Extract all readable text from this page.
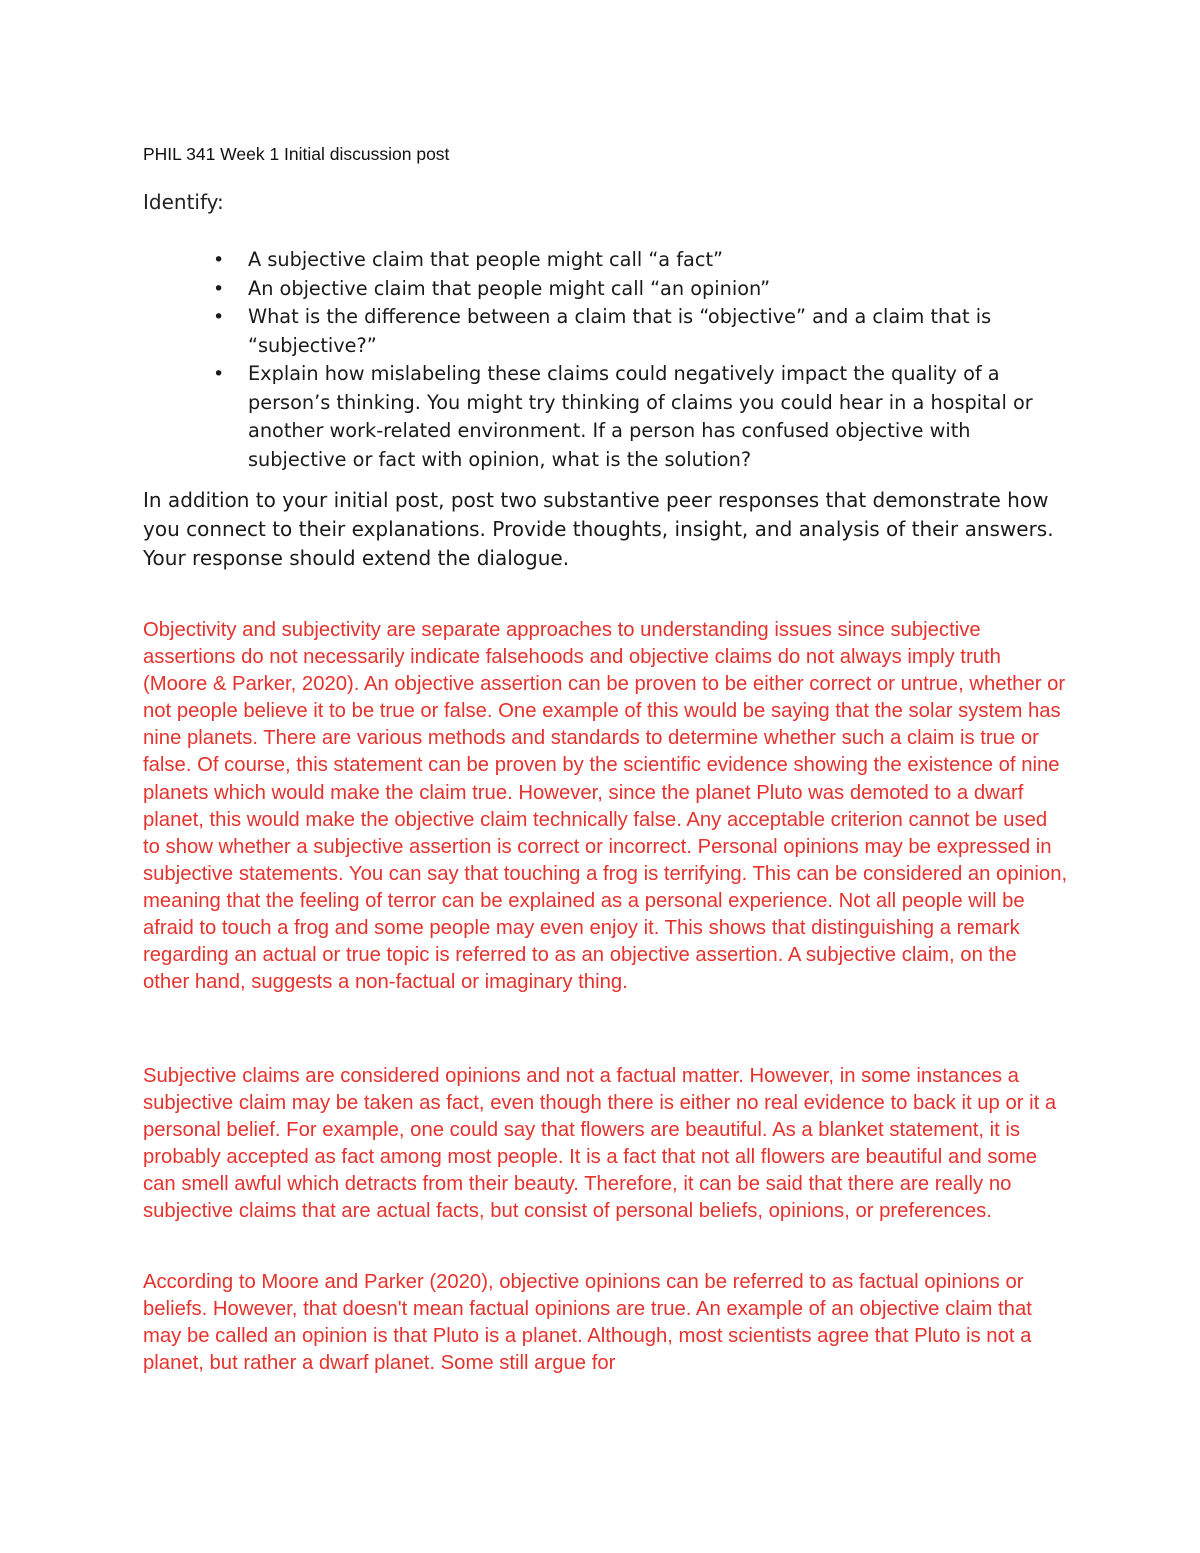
PHIL 341 Week 1 Initial discussion post
Identify:
• A subjective claim that people might call “a fact”
• An objective claim that people might call “an opinion”
• What is the difference between a claim that is “objective” and a claim that is “subjective?”
• Explain how mislabeling these claims could negatively impact the quality of a person’s thinking. You might try thinking of claims you could hear in a hospital or another work-related environment. If a person has confused objective with subjective or fact with opinion, what is the solution?

In addition to your initial post, post two substantive peer responses that demonstrate how you connect to their explanations. Provide thoughts, insight, and analysis of their answers. Your response should extend the dialogue.

Objectivity and subjectivity are separate approaches to understanding issues since subjective assertions do not necessarily indicate falsehoods and objective claims do not always imply truth (Moore & Parker, 2020). An objective assertion can be proven to be either correct or untrue, whether or not people believe it to be true or false. One example of this would be saying that the solar system has nine planets. There are various methods and standards to determine whether such a claim is true or false. Of course, this statement can be proven by the scientific evidence showing the existence of nine planets which would make the claim true. However, since the planet Pluto was demoted to a dwarf planet, this would make the objective claim technically false. Any acceptable criterion cannot be used to show whether a subjective assertion is correct or incorrect. Personal opinions may be expressed in subjective statements. You can say that touching a frog is terrifying. This can be considered an opinion, meaning that the feeling of terror can be explained as a personal experience. Not all people will be afraid to touch a frog and some people may even enjoy it. This shows that distinguishing a remark regarding an actual or true topic is referred to as an objective assertion. A subjective claim, on the other hand, suggests a non-factual or imaginary thing.

Subjective claims are considered opinions and not a factual matter. However, in some instances a subjective claim may be taken as fact, even though there is either no real evidence to back it up or it a personal belief. For example, one could say that flowers are beautiful. As a blanket statement, it is probably accepted as fact among most people. It is a fact that not all flowers are beautiful and some can smell awful which detracts from their beauty. Therefore, it can be said that there are really no subjective claims that are actual facts, but consist of personal beliefs, opinions, or preferences.

According to Moore and Parker (2020), objective opinions can be referred to as factual opinions or beliefs. However, that doesn't mean factual opinions are true. An example of an objective claim that may be called an opinion is that Pluto is a planet. Although, most scientists agree that Pluto is not a planet, but rather a dwarf planet. Some still argue for
